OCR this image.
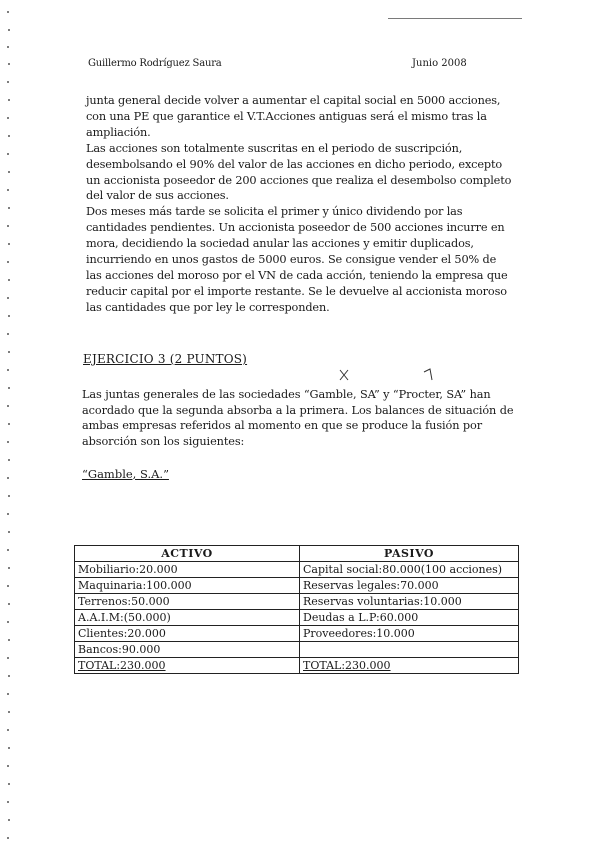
Guillermo Rodríguez Saura	Junio 2008
junta general decide volver a aumentar el capital social en 5000 acciones,
con una PE que garantice el V.T.Acciones antiguas será el mismo tras la
ampliación.
Las acciones son totalmente suscritas en el periodo de suscripción,
desembolsando el 90% del valor de las acciones en dicho periodo, excepto
un accionista poseedor de 200 acciones que realiza el desembolso completo
del valor de sus acciones.
Dos meses más tarde se solicita el primer y único dividendo por las
cantidades pendientes. Un accionista poseedor de 500 acciones incurre en
mora, decidiendo la sociedad anular las acciones y emitir duplicados,
incurriendo en unos gastos de 5000 euros. Se consigue vender el 50% de
las acciones del moroso por el VN de cada acción, teniendo la empresa que
reducir capital por el importe restante. Se le devuelve al accionista moroso
las cantidades que por ley le corresponden.
EJERCICIO 3 (2 PUNTOS)
Las juntas generales de las sociedades “Gamble, SA” y “Procter, SA” han
acordado que la segunda absorba a la primera. Los balances de situación de
ambas empresas referidos al momento en que se produce la fusión por
absorción son los siguientes:
“Gamble, S.A.”
ACTIVO	PASIVO
Mobiliario:20.000	Capital social:80.000(100 acciones)
Maquinaria:100.000	Reservas legales:70.000
Terrenos:50.000	Reservas voluntarias:10.000
A.A.I.M:(50.000)	Deudas a L.P:60.000
Clientes:20.000	Proveedores:10.000
Bancos:90.000	
TOTAL:230.000	TOTAL:230.000
